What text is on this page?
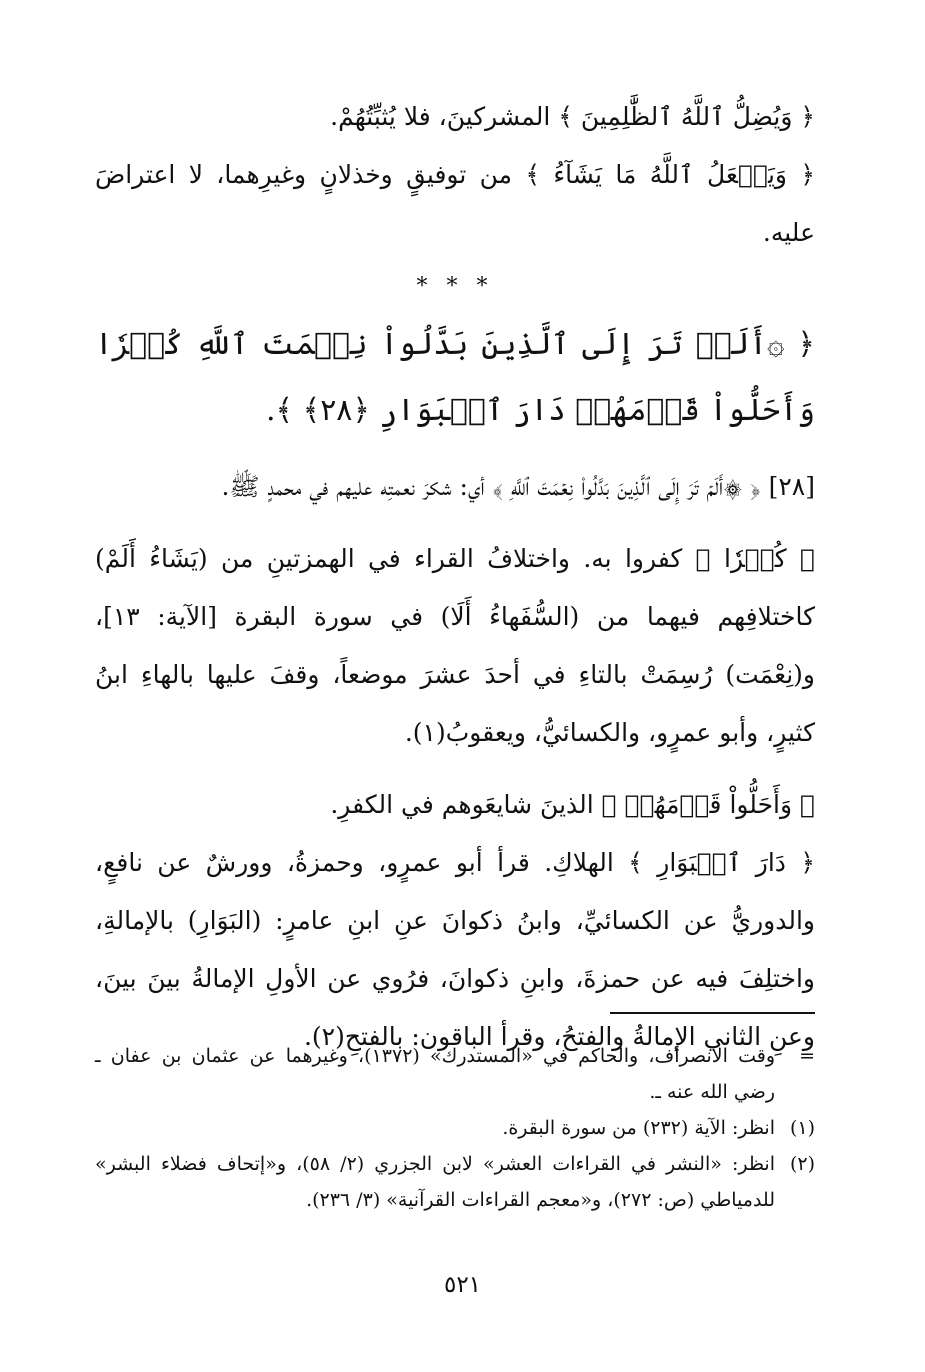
﴿ وَيُضِلُّ ٱللَّهُ ٱلظَّٰلِمِينَ ﴾ المشركينَ، فلا يُثبِّتُهُمْ.

﴿ وَيَفۡعَلُ ٱللَّهُ مَا يَشَآءُ ﴾ من توفيقٍ وخذلانٍ وغيرِهما، لا اعتراضَ عليه.

* * *

﴿ ۞أَلَمۡ تَرَ إِلَى ٱلَّذِينَ بَدَّلُواْ نِعۡمَتَ ٱللَّهِ كُفۡرٗا وَأَحَلُّواْ قَوۡمَهُمۡ دَارَ ٱلۡبَوَارِ ﴿٢٨﴾ ﴾.

[٢٨] ﴿ ۞أَلَمۡ تَرَ إِلَى ٱلَّذِينَ بَدَّلُواْ نِعۡمَتَ ٱللَّهِ ﴾ أي: شكرَ نعمتِه عليهم في محمدٍ ﷺ.

﴿ كُفۡرٗا ﴾ كفروا به. واختلافُ القراء في الهمزتينِ من (يَشَاءُ أَلَمْ) كاختلافِهم فيهما من (السُّفَهاءُ أَلَا) في سورة البقرة [الآية: ١٣]، و(نِعْمَت) رُسِمَتْ بالتاءِ في أحدَ عشرَ موضعاً، وقفَ عليها بالهاءِ ابنُ كثيرٍ، وأبو عمرٍو، والكسائيُّ، ويعقوبُ(١).

﴿ وَأَحَلُّواْ قَوۡمَهُمۡ ﴾ الذينَ شايعَوهم في الكفرِ.

﴿ دَارَ ٱلۡبَوَارِ ﴾ الهلاكِ. قرأ أبو عمرٍو، وحمزةُ، وورشٌ عن نافعٍ، والدوريُّ عن الكسائيِّ، وابنُ ذكوانَ عنِ ابنِ عامرٍ: (البَوَارِ) بالإمالةِ، واختلِفَ فيه عن حمزةَ، وابنِ ذكوانَ، فرُوي عن الأولِ الإمالةُ بينَ بينَ، وعنِ الثاني الإمالةُ والفتحُ، وقرأ الباقون: بالفتحِ(٢).

=
وقت الانصراف، والحاكم في «المستدرك» (١٣٧٢)، وغيرهما عن عثمان بن عفان ـ رضي الله عنه ـ.

(١)
انظر: الآية (٢٣٢) من سورة البقرة.

(٢)
انظر: «النشر في القراءات العشر» لابن الجزري (٢/ ٥٨)، و«إتحاف فضلاء البشر» للدمياطي (ص: ٢٧٢)، و«معجم القراءات القرآنية» (٣/ ٢٣٦).

٥٢١
